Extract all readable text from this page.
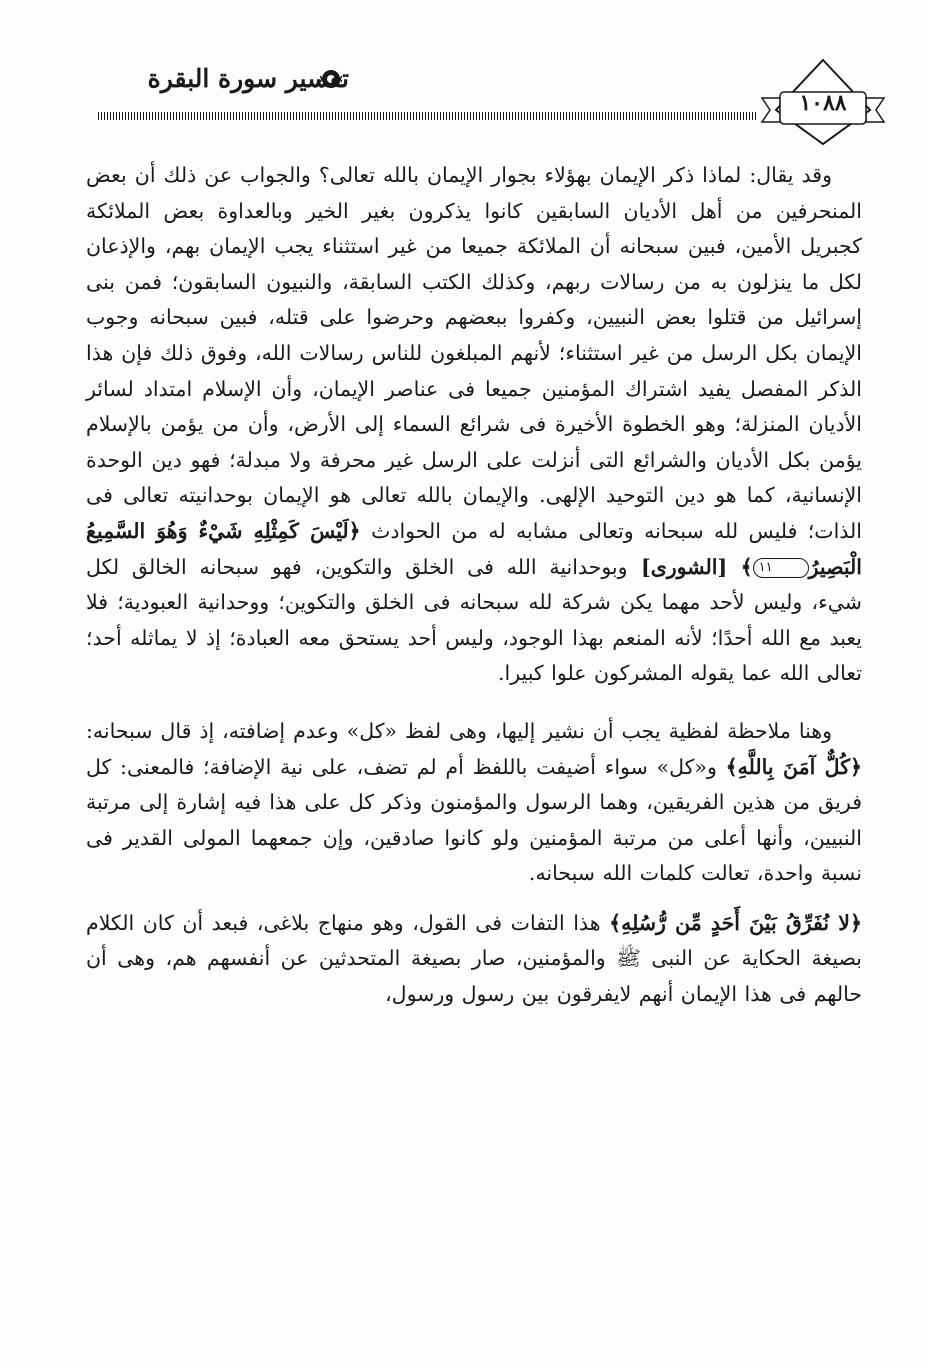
تفسير سورة البقرة
١٠٨٨

وقد يقال: لماذا ذكر الإيمان بهؤلاء بجوار الإيمان بالله تعالى؟ والجواب عن ذلك أن بعض المنحرفين من أهل الأديان السابقين كانوا يذكرون بغير الخير وبالعداوة بعض الملائكة كجبريل الأمين، فبين سبحانه أن الملائكة جميعا من غير استثناء يجب الإيمان بهم، والإذعان لكل ما ينزلون به من رسالات ربهم، وكذلك الكتب السابقة، والنبيون السابقون؛ فمن بنى إسرائيل من قتلوا بعض النبيين، وكفروا ببعضهم وحرضوا على قتله، فبين سبحانه وجوب الإيمان بكل الرسل من غير استثناء؛ لأنهم المبلغون للناس رسالات الله، وفوق ذلك فإن هذا الذكر المفصل يفيد اشتراك المؤمنين جميعا فى عناصر الإيمان، وأن الإسلام امتداد لسائر الأديان المنزلة؛ وهو الخطوة الأخيرة فى شرائع السماء إلى الأرض، وأن من يؤمن بالإسلام يؤمن بكل الأديان والشرائع التى أنزلت على الرسل غير محرفة ولا مبدلة؛ فهو دين الوحدة الإنسانية، كما هو دين التوحيد الإلهى. والإيمان بالله تعالى هو الإيمان بوحدانيته تعالى فى الذات؛ فليس لله سبحانه وتعالى مشابه له من الحوادث ﴿لَيْسَ كَمِثْلِهِ شَيْءٌ وَهُوَ السَّمِيعُ الْبَصِيرُ١١﴾ [الشورى] وبوحدانية الله فى الخلق والتكوين، فهو سبحانه الخالق لكل شيء، وليس لأحد مهما يكن شركة لله سبحانه فى الخلق والتكوين؛ ووحدانية العبودية؛ فلا يعبد مع الله أحدًا؛ لأنه المنعم بهذا الوجود، وليس أحد يستحق معه العبادة؛ إذ لا يماثله أحد؛ تعالى الله عما يقوله المشركون علوا كبيرا.

وهنا ملاحظة لفظية يجب أن نشير إليها، وهى لفظ «كل» وعدم إضافته، إذ قال سبحانه: ﴿كُلٌّ آمَنَ بِاللَّهِ﴾ و«كل» سواء أضيفت باللفظ أم لم تضف، على نية الإضافة؛ فالمعنى: كل فريق من هذين الفريقين، وهما الرسول والمؤمنون وذكر كل على هذا فيه إشارة إلى مرتبة النبيين، وأنها أعلى من مرتبة المؤمنين ولو كانوا صادقين، وإن جمعهما المولى القدير فى نسبة واحدة، تعالت كلمات الله سبحانه.

﴿لا نُفَرِّقُ بَيْنَ أَحَدٍ مِّن رُّسُلِهِ﴾ هذا التفات فى القول، وهو منهاج بلاغى، فبعد أن كان الكلام بصيغة الحكاية عن النبى ﷺ والمؤمنين، صار بصيغة المتحدثين عن أنفسهم هم، وهى أن حالهم فى هذا الإيمان أنهم لايفرقون بين رسول ورسول،
